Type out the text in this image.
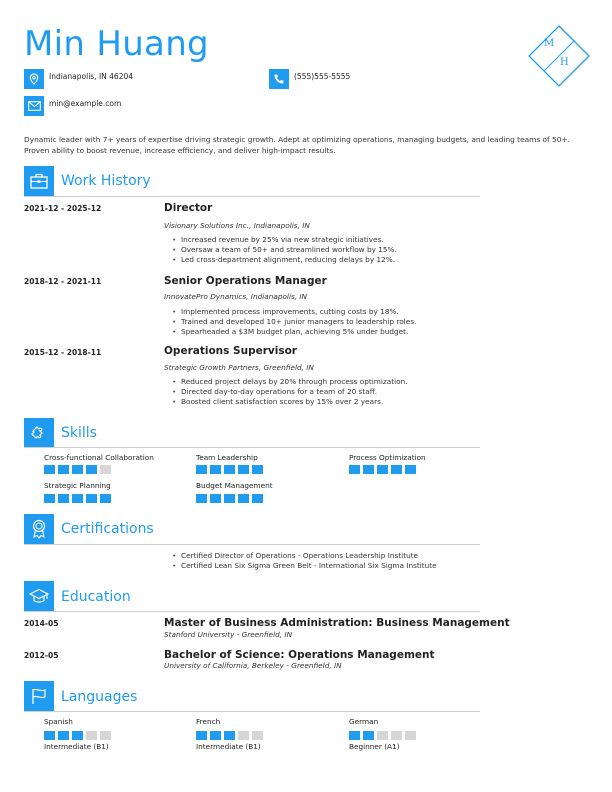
Min Huang	M
H
Indianapolis, IN 46204	(555)555-5555
min@example.com
Dynamic leader with 7+ years of expertise driving strategic growth. Adept at optimizing operations, managing budgets, and leading teams of 50+. Proven ability to boost revenue, increase efficiency, and deliver high-impact results.
Work History
2021-12 - 2025-12	Director
Visionary Solutions Inc., Indianapolis, IN
• Increased revenue by 25% via new strategic initiatives.
• Oversaw a team of 50+ and streamlined workflow by 15%.
• Led cross-department alignment, reducing delays by 12%.
2018-12 - 2021-11	Senior Operations Manager
InnovatePro Dynamics, Indianapolis, IN
• Implemented process improvements, cutting costs by 18%.
• Trained and developed 10+ junior managers to leadership roles.
• Spearheaded a $3M budget plan, achieving 5% under budget.
2015-12 - 2018-11	Operations Supervisor
Strategic Growth Partners, Greenfield, IN
• Reduced project delays by 20% through process optimization.
• Directed day-to-day operations for a team of 20 staff.
• Boosted client satisfaction scores by 15% over 2 years.
Skills
Cross-functional Collaboration	Team Leadership	Process Optimization
Strategic Planning	Budget Management
Certifications
• Certified Director of Operations - Operations Leadership Institute
• Certified Lean Six Sigma Green Belt - International Six Sigma Institute
Education
2014-05	Master of Business Administration: Business Management
Stanford University - Greenfield, IN
2012-05	Bachelor of Science: Operations Management
University of California, Berkeley - Greenfield, IN
Languages
Spanish
Intermediate (B1)
French
Intermediate (B1)
German
Beginner (A1)
